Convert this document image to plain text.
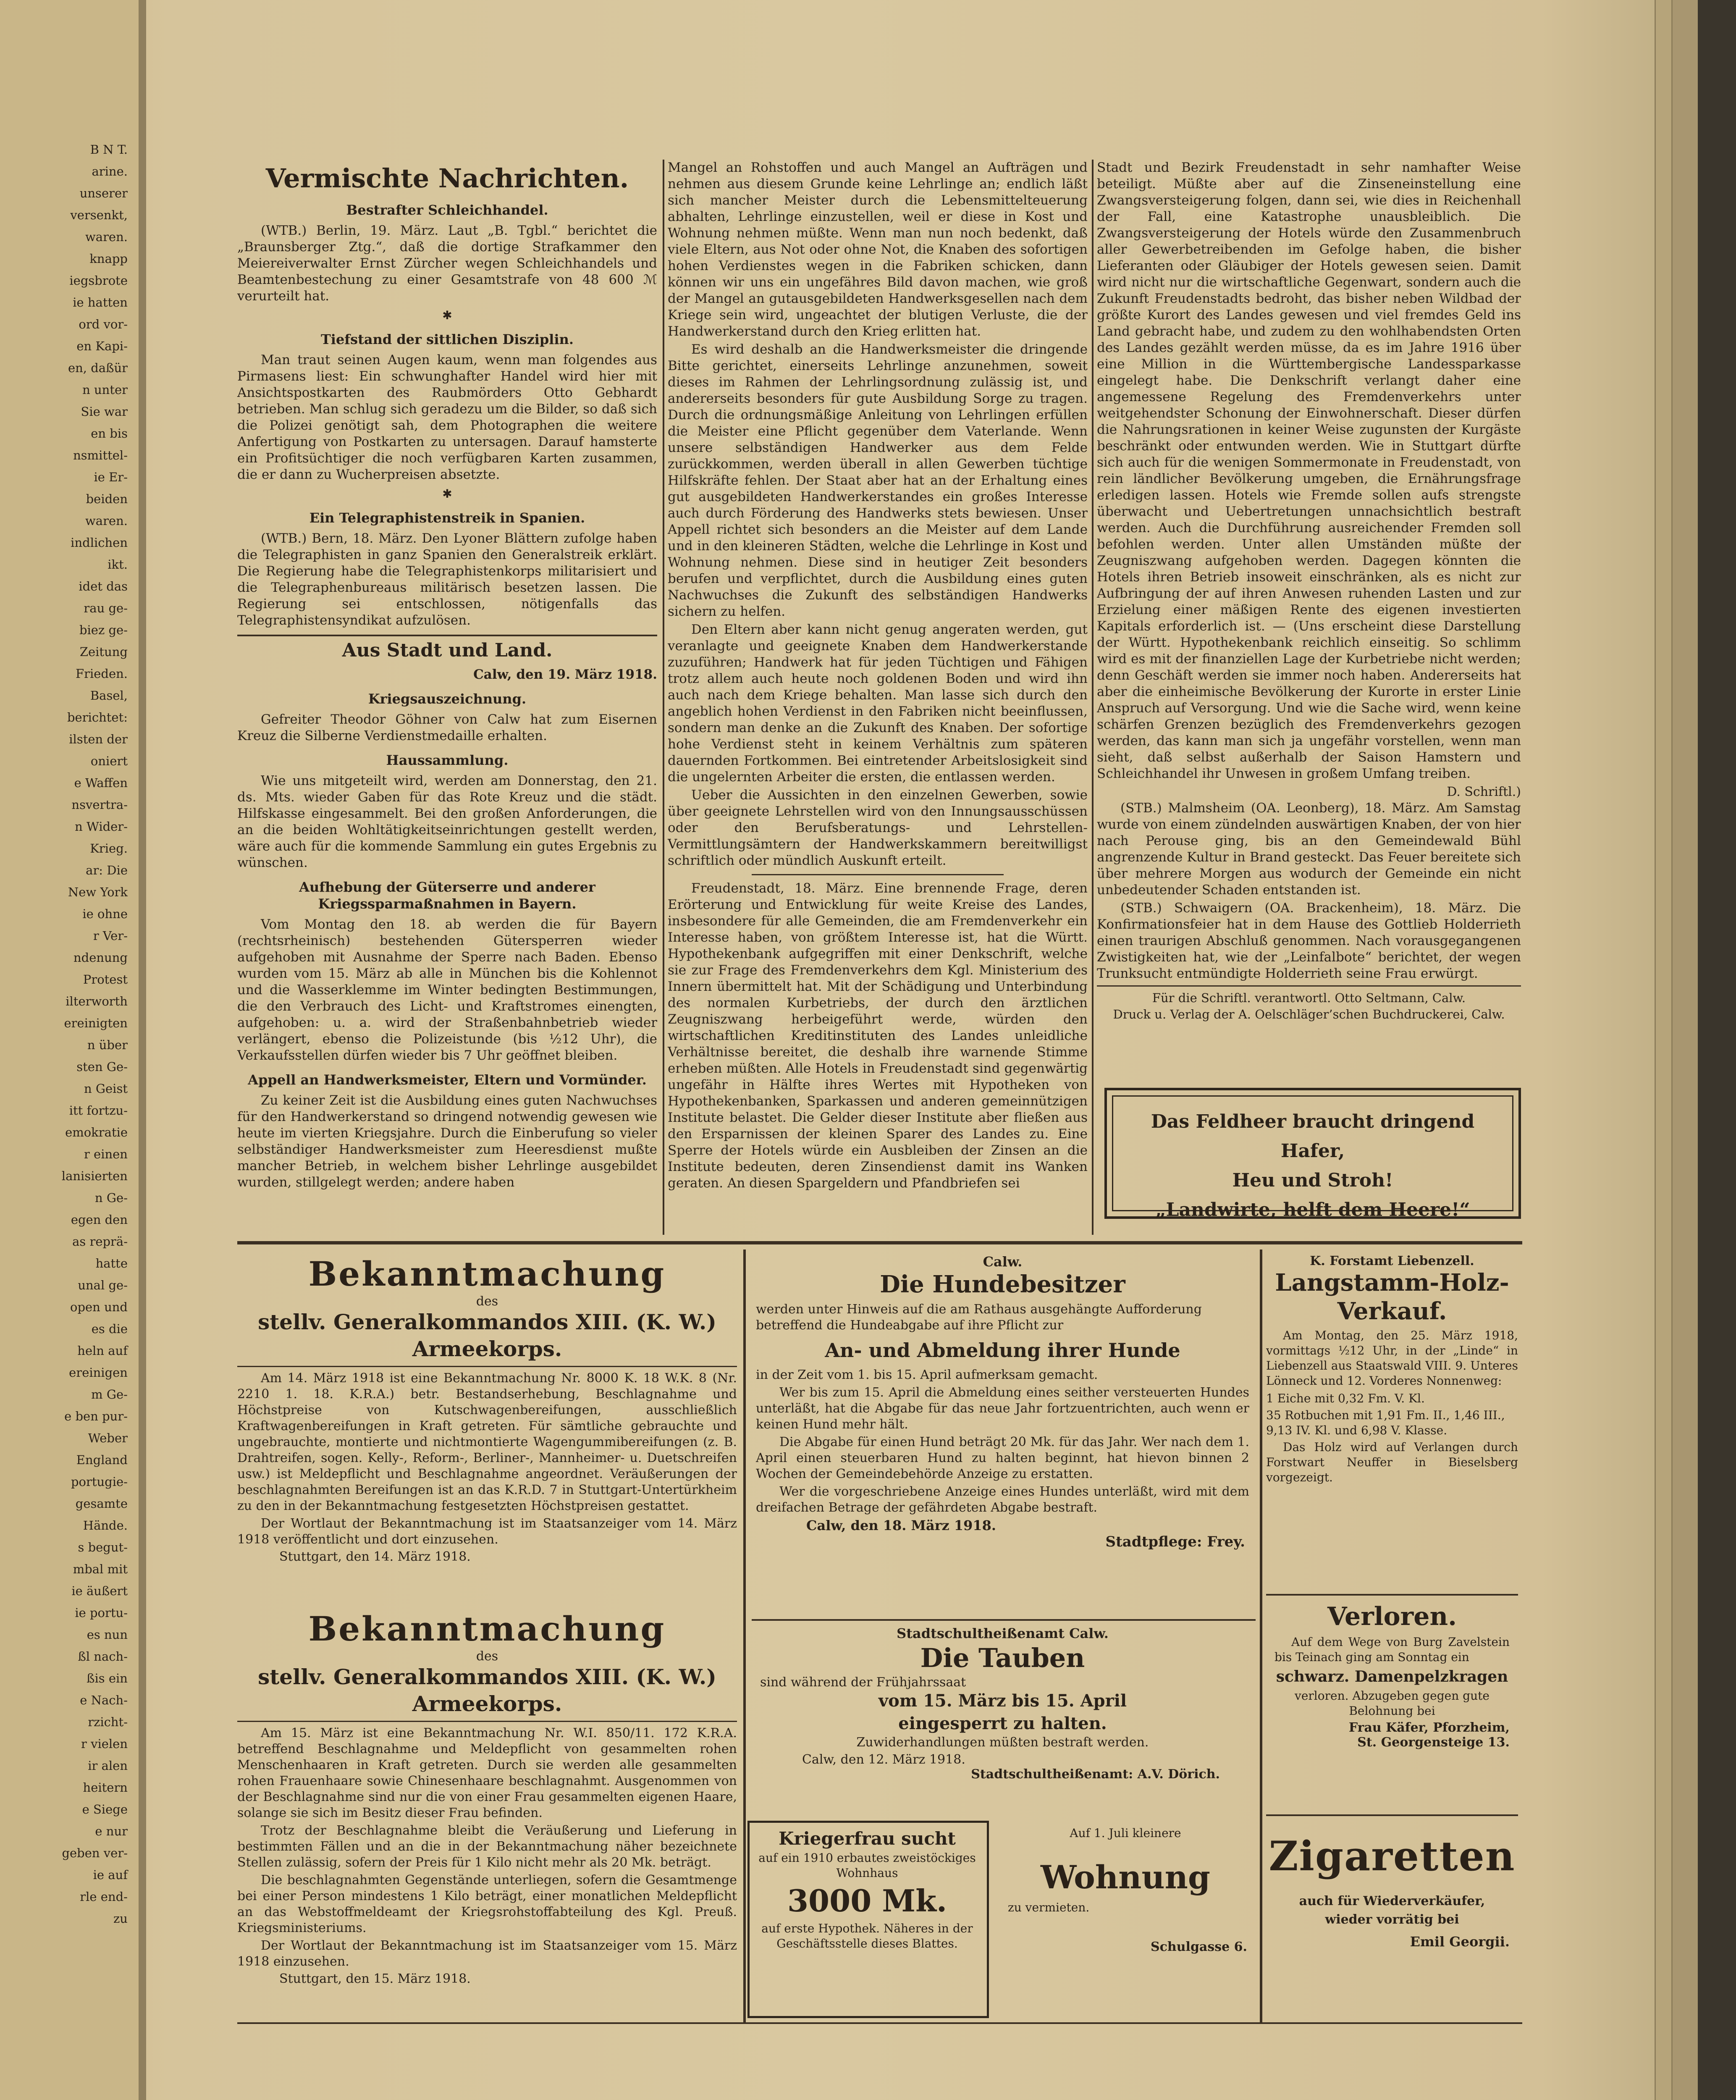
B N T.
arine.
unserer
versenkt,
waren.
knapp
iegsbrote
ie hatten
ord vor-
en Kapi-
en, daßür
n unter
Sie war
en bis
nsmittel-
ie Er-
beiden
waren.
indlichen
ikt.
idet das
rau ge-
biez ge-
Zeitung
Frieden.
Basel,
berichtet:
ilsten der
oniert
e Waffen
nsvertra-
n Wider-
Krieg.
ar: Die
New York
ie ohne
r Ver-
ndenung
Protest
ilterworth
ereinigten
n über
sten Ge-
n Geist
itt fortzu-
emokratie
r einen
lanisierten
n Ge-
egen den
as reprä-
hatte
unal ge-
open und
es die
heln auf
ereinigen
m Ge-
e ben pur-
Weber
England
portugie-
gesamte
Hände.
s begut-
mbal mit
ie äußert
ie portu-
es nun
ßl nach-
ßis ein
e Nach-
rzicht-
r vielen
ir alen
heitern
e Siege
e nur
geben ver-
ie auf
rle end-
zu
Vermischte Nachrichten.
Bestrafter Schleichhandel.

(WTB.) Berlin, 19. März. Laut „B. Tgbl.“ berichtet die „Braunsberger Ztg.“, daß die dortige Strafkammer den Meiereiverwalter Ernst Zürcher wegen Schleichhandels und Beamtenbestechung zu einer Gesamtstrafe von 48 600 ℳ verurteilt hat.

✱
Tiefstand der sittlichen Disziplin.

Man traut seinen Augen kaum, wenn man folgendes aus Pirmasens liest: Ein schwunghafter Handel wird hier mit Ansichtspostkarten des Raubmörders Otto Gebhardt betrieben. Man schlug sich geradezu um die Bilder, so daß sich die Polizei genötigt sah, dem Photographen die weitere Anfertigung von Postkarten zu untersagen. Darauf hamsterte ein Profitsüchtiger die noch verfügbaren Karten zusammen, die er dann zu Wucherpreisen absetzte.

✱
Ein Telegraphistenstreik in Spanien.

(WTB.) Bern, 18. März. Den Lyoner Blättern zufolge haben die Telegraphisten in ganz Spanien den Generalstreik erklärt. Die Regierung habe die Telegraphistenkorps militarisiert und die Telegraphenbureaus militärisch besetzen lassen. Die Regierung sei entschlossen, nötigenfalls das Telegraphistensyndikat aufzulösen.

Aus Stadt und Land.
Calw, den 19. März 1918.
Kriegsauszeichnung.

Gefreiter Theodor Göhner von Calw hat zum Eisernen Kreuz die Silberne Verdienstmedaille erhalten.

Haussammlung.

Wie uns mitgeteilt wird, werden am Donnerstag, den 21. ds. Mts. wieder Gaben für das Rote Kreuz und die städt. Hilfskasse eingesammelt. Bei den großen Anforderungen, die an die beiden Wohltätigkeitseinrichtungen gestellt werden, wäre auch für die kommende Sammlung ein gutes Ergebnis zu wünschen.

Aufhebung der Güterserre und anderer Kriegssparmaßnahmen in Bayern.

Vom Montag den 18. ab werden die für Bayern (rechtsrheinisch) bestehenden Gütersperren wieder aufgehoben mit Ausnahme der Sperre nach Baden. Ebenso wurden vom 15. März ab alle in München bis die Kohlennot und die Wasserklemme im Winter bedingten Bestimmungen, die den Verbrauch des Licht- und Kraftstromes einengten, aufgehoben: u. a. wird der Straßenbahnbetrieb wieder verlängert, ebenso die Polizeistunde (bis ½12 Uhr), die Verkaufsstellen dürfen wieder bis 7 Uhr geöffnet bleiben.

Appell an Handwerksmeister, Eltern und Vormünder.

Zu keiner Zeit ist die Ausbildung eines guten Nachwuchses für den Handwerkerstand so dringend notwendig gewesen wie heute im vierten Kriegsjahre. Durch die Einberufung so vieler selbständiger Handwerksmeister zum Heeresdienst mußte mancher Betrieb, in welchem bisher Lehrlinge ausgebildet wurden, stillgelegt werden; andere haben

Mangel an Rohstoffen und auch Mangel an Aufträgen und nehmen aus diesem Grunde keine Lehrlinge an; endlich läßt sich mancher Meister durch die Lebensmittelteuerung abhalten, Lehrlinge einzustellen, weil er diese in Kost und Wohnung nehmen müßte. Wenn man nun noch bedenkt, daß viele Eltern, aus Not oder ohne Not, die Knaben des sofortigen hohen Verdienstes wegen in die Fabriken schicken, dann können wir uns ein ungefähres Bild davon machen, wie groß der Mangel an gutausgebildeten Handwerksgesellen nach dem Kriege sein wird, ungeachtet der blutigen Verluste, die der Handwerkerstand durch den Krieg erlitten hat.

Es wird deshalb an die Handwerksmeister die dringende Bitte gerichtet, einerseits Lehrlinge anzunehmen, soweit dieses im Rahmen der Lehrlingsordnung zulässig ist, und andererseits besonders für gute Ausbildung Sorge zu tragen. Durch die ordnungsmäßige Anleitung von Lehrlingen erfüllen die Meister eine Pflicht gegenüber dem Vaterlande. Wenn unsere selbständigen Handwerker aus dem Felde zurückkommen, werden überall in allen Gewerben tüchtige Hilfskräfte fehlen. Der Staat aber hat an der Erhaltung eines gut ausgebildeten Handwerkerstandes ein großes Interesse auch durch Förderung des Handwerks stets bewiesen. Unser Appell richtet sich besonders an die Meister auf dem Lande und in den kleineren Städten, welche die Lehrlinge in Kost und Wohnung nehmen. Diese sind in heutiger Zeit besonders berufen und verpflichtet, durch die Ausbildung eines guten Nachwuchses die Zukunft des selbständigen Handwerks sichern zu helfen.

Den Eltern aber kann nicht genug angeraten werden, gut veranlagte und geeignete Knaben dem Handwerkerstande zuzuführen; Handwerk hat für jeden Tüchtigen und Fähigen trotz allem auch heute noch goldenen Boden und wird ihn auch nach dem Kriege behalten. Man lasse sich durch den angeblich hohen Verdienst in den Fabriken nicht beeinflussen, sondern man denke an die Zukunft des Knaben. Der sofortige hohe Verdienst steht in keinem Verhältnis zum späteren dauernden Fortkommen. Bei eintretender Arbeitslosigkeit sind die ungelernten Arbeiter die ersten, die entlassen werden.

Ueber die Aussichten in den einzelnen Gewerben, sowie über geeignete Lehrstellen wird von den Innungsausschüssen oder den Berufsberatungs- und Lehrstellen-Vermittlungsämtern der Handwerkskammern bereitwilligst schriftlich oder mündlich Auskunft erteilt.

Freudenstadt, 18. März. Eine brennende Frage, deren Erörterung und Entwicklung für weite Kreise des Landes, insbesondere für alle Gemeinden, die am Fremdenverkehr ein Interesse haben, von größtem Interesse ist, hat die Württ. Hypothekenbank aufgegriffen mit einer Denkschrift, welche sie zur Frage des Fremdenverkehrs dem Kgl. Ministerium des Innern übermittelt hat. Mit der Schädigung und Unterbindung des normalen Kurbetriebs, der durch den ärztlichen Zeugniszwang herbeigeführt werde, würden den wirtschaftlichen Kreditinstituten des Landes unleidliche Verhältnisse bereitet, die deshalb ihre warnende Stimme erheben müßten. Alle Hotels in Freudenstadt sind gegenwärtig ungefähr in Hälfte ihres Wertes mit Hypotheken von Hypothekenbanken, Sparkassen und anderen gemeinnützigen Institute belastet. Die Gelder dieser Institute aber fließen aus den Ersparnissen der kleinen Sparer des Landes zu. Eine Sperre der Hotels würde ein Ausbleiben der Zinsen an die Institute bedeuten, deren Zinsendienst damit ins Wanken geraten. An diesen Spargeldern und Pfandbriefen sei

Stadt und Bezirk Freudenstadt in sehr namhafter Weise beteiligt. Müßte aber auf die Zinseneinstellung eine Zwangsversteigerung folgen, dann sei, wie dies in Reichenhall der Fall, eine Katastrophe unausbleiblich. Die Zwangsversteigerung der Hotels würde den Zusammenbruch aller Gewerbetreibenden im Gefolge haben, die bisher Lieferanten oder Gläubiger der Hotels gewesen seien. Damit wird nicht nur die wirtschaftliche Gegenwart, sondern auch die Zukunft Freudenstadts bedroht, das bisher neben Wildbad der größte Kurort des Landes gewesen und viel fremdes Geld ins Land gebracht habe, und zudem zu den wohlhabendsten Orten des Landes gezählt werden müsse, da es im Jahre 1916 über eine Million in die Württembergische Landessparkasse eingelegt habe. Die Denkschrift verlangt daher eine angemessene Regelung des Fremdenverkehrs unter weitgehendster Schonung der Einwohnerschaft. Dieser dürfen die Nahrungsrationen in keiner Weise zugunsten der Kurgäste beschränkt oder entwunden werden. Wie in Stuttgart dürfte sich auch für die wenigen Sommermonate in Freudenstadt, von rein ländlicher Bevölkerung umgeben, die Ernährungsfrage erledigen lassen. Hotels wie Fremde sollen aufs strengste überwacht und Uebertretungen unnachsichtlich bestraft werden. Auch die Durchführung ausreichender Fremden soll befohlen werden. Unter allen Umständen müßte der Zeugniszwang aufgehoben werden. Dagegen könnten die Hotels ihren Betrieb insoweit einschränken, als es nicht zur Aufbringung der auf ihren Anwesen ruhenden Lasten und zur Erzielung einer mäßigen Rente des eigenen investierten Kapitals erforderlich ist. — (Uns erscheint diese Darstellung der Württ. Hypothekenbank reichlich einseitig. So schlimm wird es mit der finanziellen Lage der Kurbetriebe nicht werden; denn Geschäft werden sie immer noch haben. Andererseits hat aber die einheimische Bevölkerung der Kurorte in erster Linie Anspruch auf Versorgung. Und wie die Sache wird, wenn keine schärfen Grenzen bezüglich des Fremdenverkehrs gezogen werden, das kann man sich ja ungefähr vorstellen, wenn man sieht, daß selbst außerhalb der Saison Hamstern und Schleichhandel ihr Unwesen in großem Umfang treiben.

D. Schriftl.)

(STB.) Malmsheim (OA. Leonberg), 18. März. Am Samstag wurde von einem zündelnden auswärtigen Knaben, der von hier nach Perouse ging, bis an den Gemeindewald Bühl angrenzende Kultur in Brand gesteckt. Das Feuer bereitete sich über mehrere Morgen aus wodurch der Gemeinde ein nicht unbedeutender Schaden entstanden ist.

(STB.) Schwaigern (OA. Brackenheim), 18. März. Die Konfirmationsfeier hat in dem Hause des Gottlieb Holderrieth einen traurigen Abschluß genommen. Nach vorausgegangenen Zwistigkeiten hat, wie der „Leinfalbote“ berichtet, der wegen Trunksucht entmündigte Holderrieth seine Frau erwürgt.

Für die Schriftl. verantwortl. Otto Seltmann, Calw.
Druck u. Verlag der A. Oelschläger’schen Buchdruckerei, Calw.

Das Feldheer braucht dringend Hafer,

Heu und Stroh!

„Landwirte, helft dem Heere!“

Bekanntmachung
des
stellv. Generalkommandos XIII. (K. W.) Armeekorps.

Am 14. März 1918 ist eine Bekanntmachung Nr. 8000 K. 18 W.K. 8 (Nr. 2210 1. 18. K.R.A.) betr. Bestandserhebung, Beschlagnahme und Höchstpreise von Kutschwagenbereifungen, ausschließlich Kraftwagenbereifungen in Kraft getreten. Für sämtliche gebrauchte und ungebrauchte, montierte und nichtmontierte Wagengummibereifungen (z. B. Drahtreifen, sogen. Kelly-, Reform-, Berliner-, Mannheimer- u. Duetschreifen usw.) ist Meldepflicht und Beschlagnahme angeordnet. Veräußerungen der beschlagnahmten Bereifungen ist an das K.R.D. 7 in Stuttgart-Untertürkheim zu den in der Bekanntmachung festgesetzten Höchstpreisen gestattet.

Der Wortlaut der Bekanntmachung ist im Staatsanzeiger vom 14. März 1918 veröffentlicht und dort einzusehen.

Stuttgart, den 14. März 1918.
Bekanntmachung
des
stellv. Generalkommandos XIII. (K. W.) Armeekorps.

Am 15. März ist eine Bekanntmachung Nr. W.I. 850/11. 172 K.R.A. betreffend Beschlagnahme und Meldepflicht von gesammelten rohen Menschenhaaren in Kraft getreten. Durch sie werden alle gesammelten rohen Frauenhaare sowie Chinesenhaare beschlagnahmt. Ausgenommen von der Beschlagnahme sind nur die von einer Frau gesammelten eigenen Haare, solange sie sich im Besitz dieser Frau befinden.

Trotz der Beschlagnahme bleibt die Veräußerung und Lieferung in bestimmten Fällen und an die in der Bekanntmachung näher bezeichnete Stellen zulässig, sofern der Preis für 1 Kilo nicht mehr als 20 Mk. beträgt.

Die beschlagnahmten Gegenstände unterliegen, sofern die Gesamtmenge bei einer Person mindestens 1 Kilo beträgt, einer monatlichen Meldepflicht an das Webstoffmeldeamt der Kriegsrohstoffabteilung des Kgl. Preuß. Kriegsministeriums.

Der Wortlaut der Bekanntmachung ist im Staatsanzeiger vom 15. März 1918 einzusehen.

Stuttgart, den 15. März 1918.
Calw.
Die Hundebesitzer

werden unter Hinweis auf die am Rathaus ausgehängte Aufforderung betreffend die Hundeabgabe auf ihre Pflicht zur

An- und Abmeldung ihrer Hunde

in der Zeit vom 1. bis 15. April aufmerksam gemacht.

Wer bis zum 15. April die Abmeldung eines seither versteuerten Hundes unterläßt, hat die Abgabe für das neue Jahr fortzuentrichten, auch wenn er keinen Hund mehr hält.

Die Abgabe für einen Hund beträgt 20 Mk. für das Jahr. Wer nach dem 1. April einen steuerbaren Hund zu halten beginnt, hat hievon binnen 2 Wochen der Gemeindebehörde Anzeige zu erstatten.

Wer die vorgeschriebene Anzeige eines Hundes unterläßt, wird mit dem dreifachen Betrage der gefährdeten Abgabe bestraft.

Calw, den 18. März 1918.
Stadtpflege: Frey.
Stadtschultheißenamt Calw.
Die Tauben
sind während der Frühjahrssaat
vom 15. März bis 15. April
eingesperrt zu halten.
Zuwiderhandlungen müßten bestraft werden.
Calw, den 12. März 1918.
Stadtschultheißenamt: A.V. Dörich.
Kriegerfrau sucht
auf ein 1910 erbautes zweistöckiges Wohnhaus
3000 Mk.
auf erste Hypothek. Näheres in der Geschäftsstelle dieses Blattes.
Auf 1. Juli kleinere
Wohnung
zu vermieten.
Schulgasse 6.
K. Forstamt Liebenzell.
Langstamm-Holz-
Verkauf.

Am Montag, den 25. März 1918, vormittags ½12 Uhr, in der „Linde“ in Liebenzell aus Staatswald VIII. 9. Unteres Lönneck und 12. Vorderes Nonnenweg:

1 Eiche mit 0,32 Fm. V. Kl.

35 Rotbuchen mit 1,91 Fm. II., 1,46 III., 9,13 IV. Kl. und 6,98 V. Klasse.

Das Holz wird auf Verlangen durch Forstwart Neuffer in Bieselsberg vorgezeigt.

Verloren.

Auf dem Wege von Burg Zavelstein bis Teinach ging am Sonntag ein

schwarz. Damenpelzkragen

verloren. Abzugeben gegen gute Belohnung bei

Frau Käfer, Pforzheim,
St. Georgensteige 13.
Zigaretten
auch für Wiederverkäufer,
wieder vorrätig bei
Emil Georgii.
